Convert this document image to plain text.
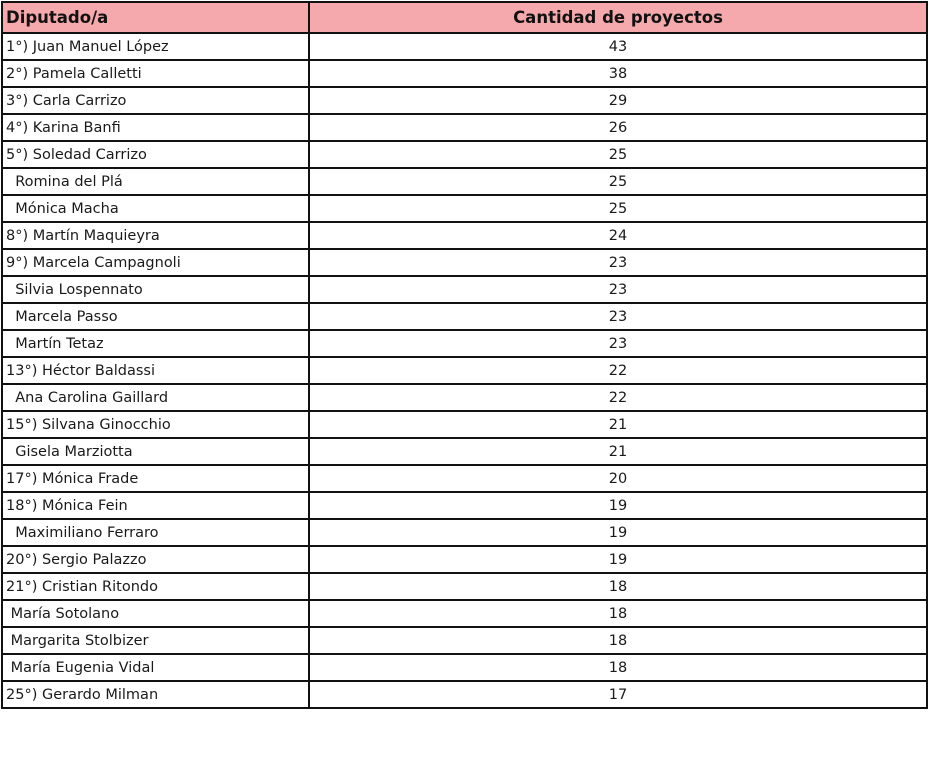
Diputado/a	Cantidad de proyectos
1°) Juan Manuel López	43
2°) Pamela Calletti	38
3°) Carla Carrizo	29
4°) Karina Banfi	26
5°) Soledad Carrizo	25
Romina del Plá	25
Mónica Macha	25
8°) Martín Maquieyra	24
9°) Marcela Campagnoli	23
Silvia Lospennato	23
Marcela Passo	23
Martín Tetaz	23
13°) Héctor Baldassi	22
Ana Carolina Gaillard	22
15°) Silvana Ginocchio	21
Gisela Marziotta	21
17°) Mónica Frade	20
18°) Mónica Fein	19
Maximiliano Ferraro	19
20°) Sergio Palazzo	19
21°) Cristian Ritondo	18
María Sotolano	18
Margarita Stolbizer	18
María Eugenia Vidal	18
25°) Gerardo Milman	17
